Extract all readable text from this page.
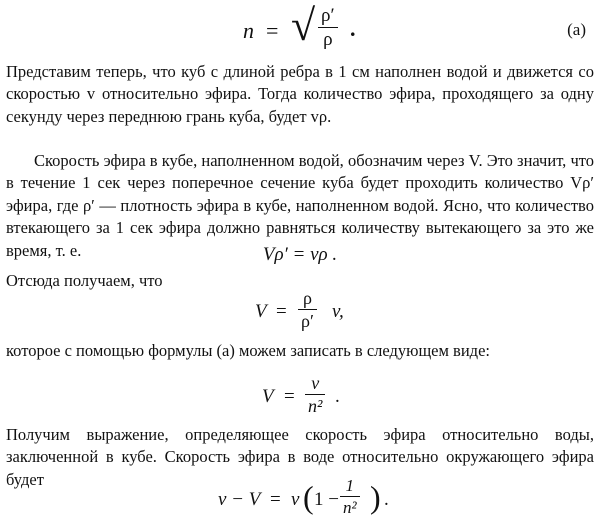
n = √ $\frac{\rho'}{\rho}$ .	(a)

Представим теперь, что куб с длиной ребра в 1 см наполнен водой и движется со скоростью v относительно эфира. Тогда количество эфира, проходящего за одну секунду через переднюю грань куба, будет vρ.

Скорость эфира в кубе, наполненном водой, обозначим через V. Это значит, что в течение 1 сек через поперечное сечение куба будет проходить количество Vρ′ эфира, где ρ′ — плотность эфира в кубе, наполненном водой. Ясно, что количество втекающего за 1 сек эфира должно равняться количеству вытекающего за это же время, т. е.	Vρ′ = vρ .

Отсюда получаем, что

$V = \frac{\rho}{\rho'} v$,

которое с помощью формулы (а) можем записать в следующем виде:

$V = \frac{v}{\text{n²}}$ .

Получим выражение, определяющее скорость эфира относительно воды, заключенной в кубе. Скорость эфира в воде относительно окружающего эфира будет

v − V = v ( $1 - \frac{1}{\text{n²}}$ ) .
